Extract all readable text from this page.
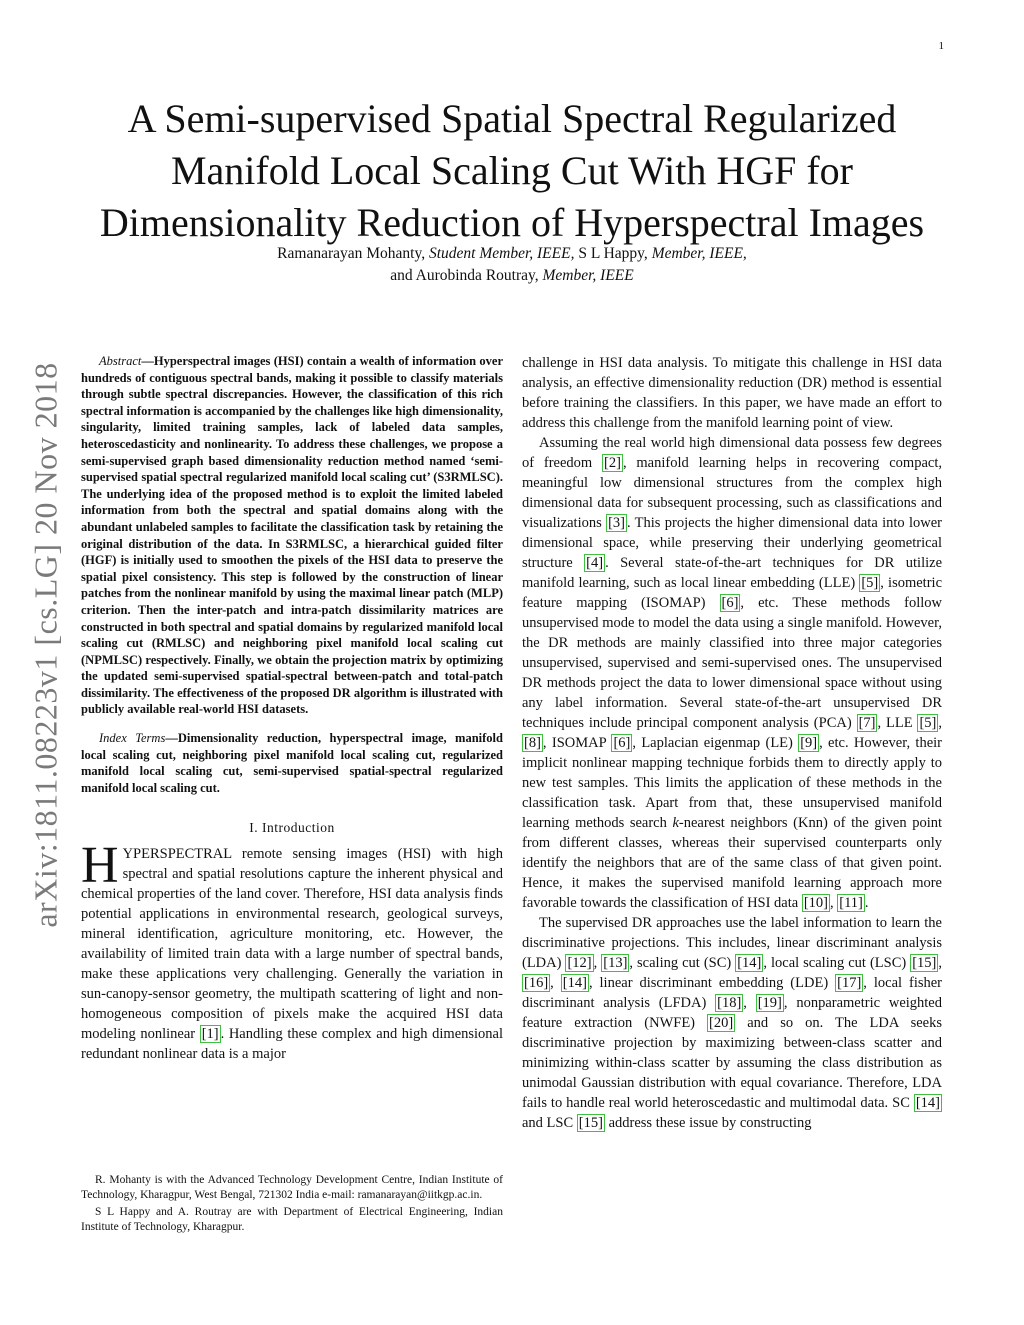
1
arXiv:1811.08223v1 [cs.LG] 20 Nov 2018
A Semi-supervised Spatial Spectral Regularized
Manifold Local Scaling Cut With HGF for
Dimensionality Reduction of Hyperspectral Images
Ramanarayan Mohanty, Student Member, IEEE, S L Happy, Member, IEEE,
and Aurobinda Routray, Member, IEEE

Abstract—Hyperspectral images (HSI) contain a wealth of information over hundreds of contiguous spectral bands, making it possible to classify materials through subtle spectral discrepancies. However, the classification of this rich spectral information is accompanied by the challenges like high dimensionality, singularity, limited training samples, lack of labeled data samples, heteroscedasticity and nonlinearity. To address these challenges, we propose a semi-supervised graph based dimensionality reduction method named ‘semi-supervised spatial spectral regularized manifold local scaling cut’ (S3RMLSC). The underlying idea of the proposed method is to exploit the limited labeled information from both the spectral and spatial domains along with the abundant unlabeled samples to facilitate the classification task by retaining the original distribution of the data. In S3RMLSC, a hierarchical guided filter (HGF) is initially used to smoothen the pixels of the HSI data to preserve the spatial pixel consistency. This step is followed by the construction of linear patches from the nonlinear manifold by using the maximal linear patch (MLP) criterion. Then the inter-patch and intra-patch dissimilarity matrices are constructed in both spectral and spatial domains by regularized manifold local scaling cut (RMLSC) and neighboring pixel manifold local scaling cut (NPMLSC) respectively. Finally, we obtain the projection matrix by optimizing the updated semi-supervised spatial-spectral between-patch and total-patch dissimilarity. The effectiveness of the proposed DR algorithm is illustrated with publicly available real-world HSI datasets.

Index Terms—Dimensionality reduction, hyperspectral image, manifold local scaling cut, neighboring pixel manifold local scaling cut, regularized manifold local scaling cut, semi-supervised spatial-spectral regularized manifold local scaling cut.

I. Introduction

HYPERSPECTRAL remote sensing images (HSI) with high spectral and spatial resolutions capture the inherent physical and chemical properties of the land cover. Therefore, HSI data analysis finds potential applications in environmental research, geological surveys, mineral identification, agriculture monitoring, etc. However, the availability of limited train data with a large number of spectral bands, make these applications very challenging. Generally the variation in sun-canopy-sensor geometry, the multipath scattering of light and non-homogeneous composition of pixels make the acquired HSI data modeling nonlinear [1] . Handling these complex and high dimensional redundant nonlinear data is a major

R. Mohanty is with the Advanced Technology Development Centre, Indian Institute of Technology, Kharagpur, West Bengal, 721302 India e-mail: ramanarayan@iitkgp.ac.in.

S L Happy and A. Routray are with Department of Electrical Engineering, Indian Institute of Technology, Kharagpur.

challenge in HSI data analysis. To mitigate this challenge in HSI data analysis, an effective dimensionality reduction (DR) method is essential before training the classifiers. In this paper, we have made an effort to address this challenge from the manifold learning point of view.

Assuming the real world high dimensional data possess few degrees of freedom [2] , manifold learning helps in recovering compact, meaningful low dimensional structures from the complex high dimensional data for subsequent processing, such as classifications and visualizations [3] . This projects the higher dimensional data into lower dimensional space, while preserving their underlying geometrical structure [4] . Several state-of-the-art techniques for DR utilize manifold learning, such as local linear embedding (LLE) [5] , isometric feature mapping (ISOMAP) [6] , etc. These methods follow unsupervised mode to model the data using a single manifold. However, the DR methods are mainly classified into three major categories unsupervised, supervised and semi-supervised ones. The unsupervised DR methods project the data to lower dimensional space without using any label information. Several state-of-the-art unsupervised DR techniques include principal component analysis (PCA) [7] , LLE [5] , [8] , ISOMAP [6] , Laplacian eigenmap (LE) [9] , etc. However, their implicit nonlinear mapping technique forbids them to directly apply to new test samples. This limits the application of these methods in the classification task. Apart from that, these unsupervised manifold learning methods search k-nearest neighbors (Knn) of the given point from different classes, whereas their supervised counterparts only identify the neighbors that are of the same class of that given point. Hence, it makes the supervised manifold learning approach more favorable towards the classification of HSI data [10] , [11] .

The supervised DR approaches use the label information to learn the discriminative projections. This includes, linear discriminant analysis (LDA) [12] , [13] , scaling cut (SC) [14] , local scaling cut (LSC) [15] , [16] , [14] , linear discriminant embedding (LDE) [17] , local fisher discriminant analysis (LFDA) [18] , [19] , nonparametric weighted feature extraction (NWFE) [20] and so on. The LDA seeks discriminative projection by maximizing between-class scatter and minimizing within-class scatter by assuming the class distribution as unimodal Gaussian distribution with equal covariance. Therefore, LDA fails to handle real world heteroscedastic and multimodal data. SC [14] and LSC [15] address these issue by constructing
